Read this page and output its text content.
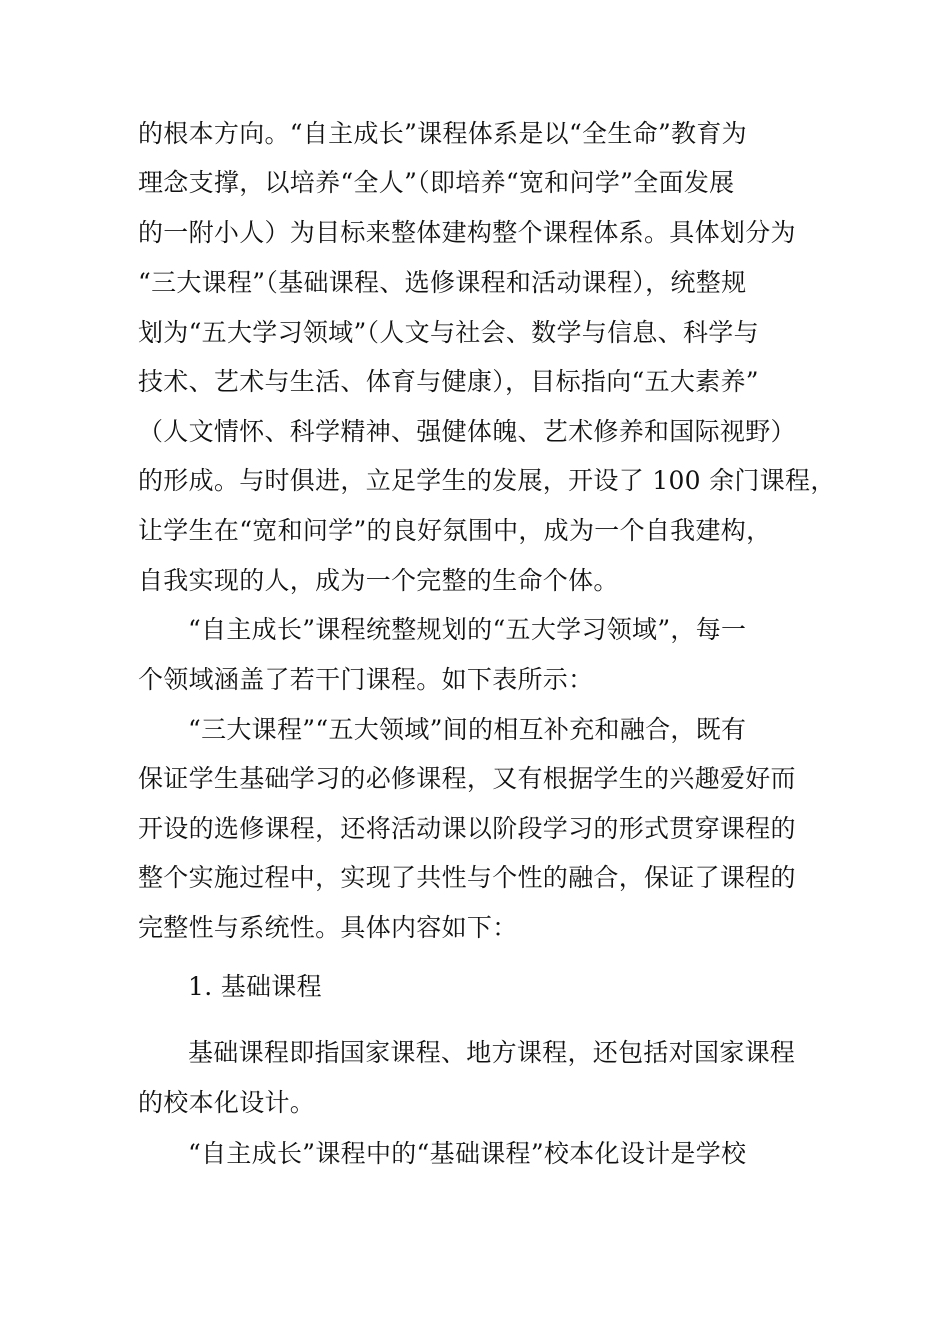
的根本方向。“自主成长”课程体系是以“全生命”教育为
理念支撑，以培养“全人”（即培养“宽和问学”全面发展
的一附小人）为目标来整体建构整个课程体系。具体划分为
“三大课程”（基础课程、选修课程和活动课程），统整规
划为“五大学习领域”（人文与社会、数学与信息、科学与
技术、艺术与生活、体育与健康），目标指向“五大素养”
（人文情怀、科学精神、强健体魄、艺术修养和国际视野）
的形成。与时俱进，立足学生的发展，开设了 100 余门课程，
让学生在“宽和问学”的良好氛围中，成为一个自我建构，
自我实现的人，成为一个完整的生命个体。
“自主成长”课程统整规划的“五大学习领域”，每一
个领域涵盖了若干门课程。如下表所示：
“三大课程”“五大领域”间的相互补充和融合，既有
保证学生基础学习的必修课程，又有根据学生的兴趣爱好而
开设的选修课程，还将活动课以阶段学习的形式贯穿课程的
整个实施过程中，实现了共性与个性的融合，保证了课程的
完整性与系统性。具体内容如下：
1. 基础课程
基础课程即指国家课程、地方课程，还包括对国家课程
的校本化设计。
“自主成长”课程中的“基础课程”校本化设计是学校
